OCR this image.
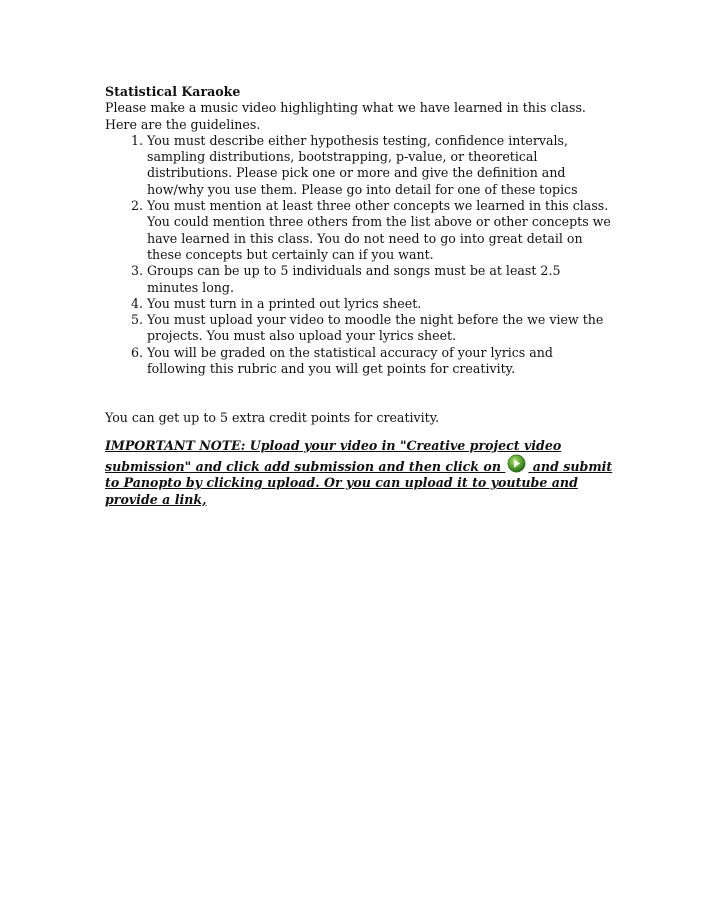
Statistical Karaoke

Please make a music video highlighting what we have learned in this class. Here are the guidelines.

1. You must describe either hypothesis testing, confidence intervals, sampling distributions, bootstrapping, p-value, or theoretical distributions. Please pick one or more and give the definition and how/why you use them. Please go into detail for one of these topics
2. You must mention at least three other concepts we learned in this class. You could mention three others from the list above or other concepts we have learned in this class. You do not need to go into great detail on these concepts but certainly can if you want.
3. Groups can be up to 5 individuals and songs must be at least 2.5 minutes long.
4. You must turn in a printed out lyrics sheet.
5. You must upload your video to moodle the night before the we view the projects. You must also upload your lyrics sheet.
6. You will be graded on the statistical accuracy of your lyrics and following this rubric and you will get points for creativity.

You can get up to 5 extra credit points for creativity.

IMPORTANT NOTE: Upload your video in "Creative project video submission" and click add submission and then click on	and submit to Panopto by clicking upload. Or you can upload it to youtube and provide a link,
